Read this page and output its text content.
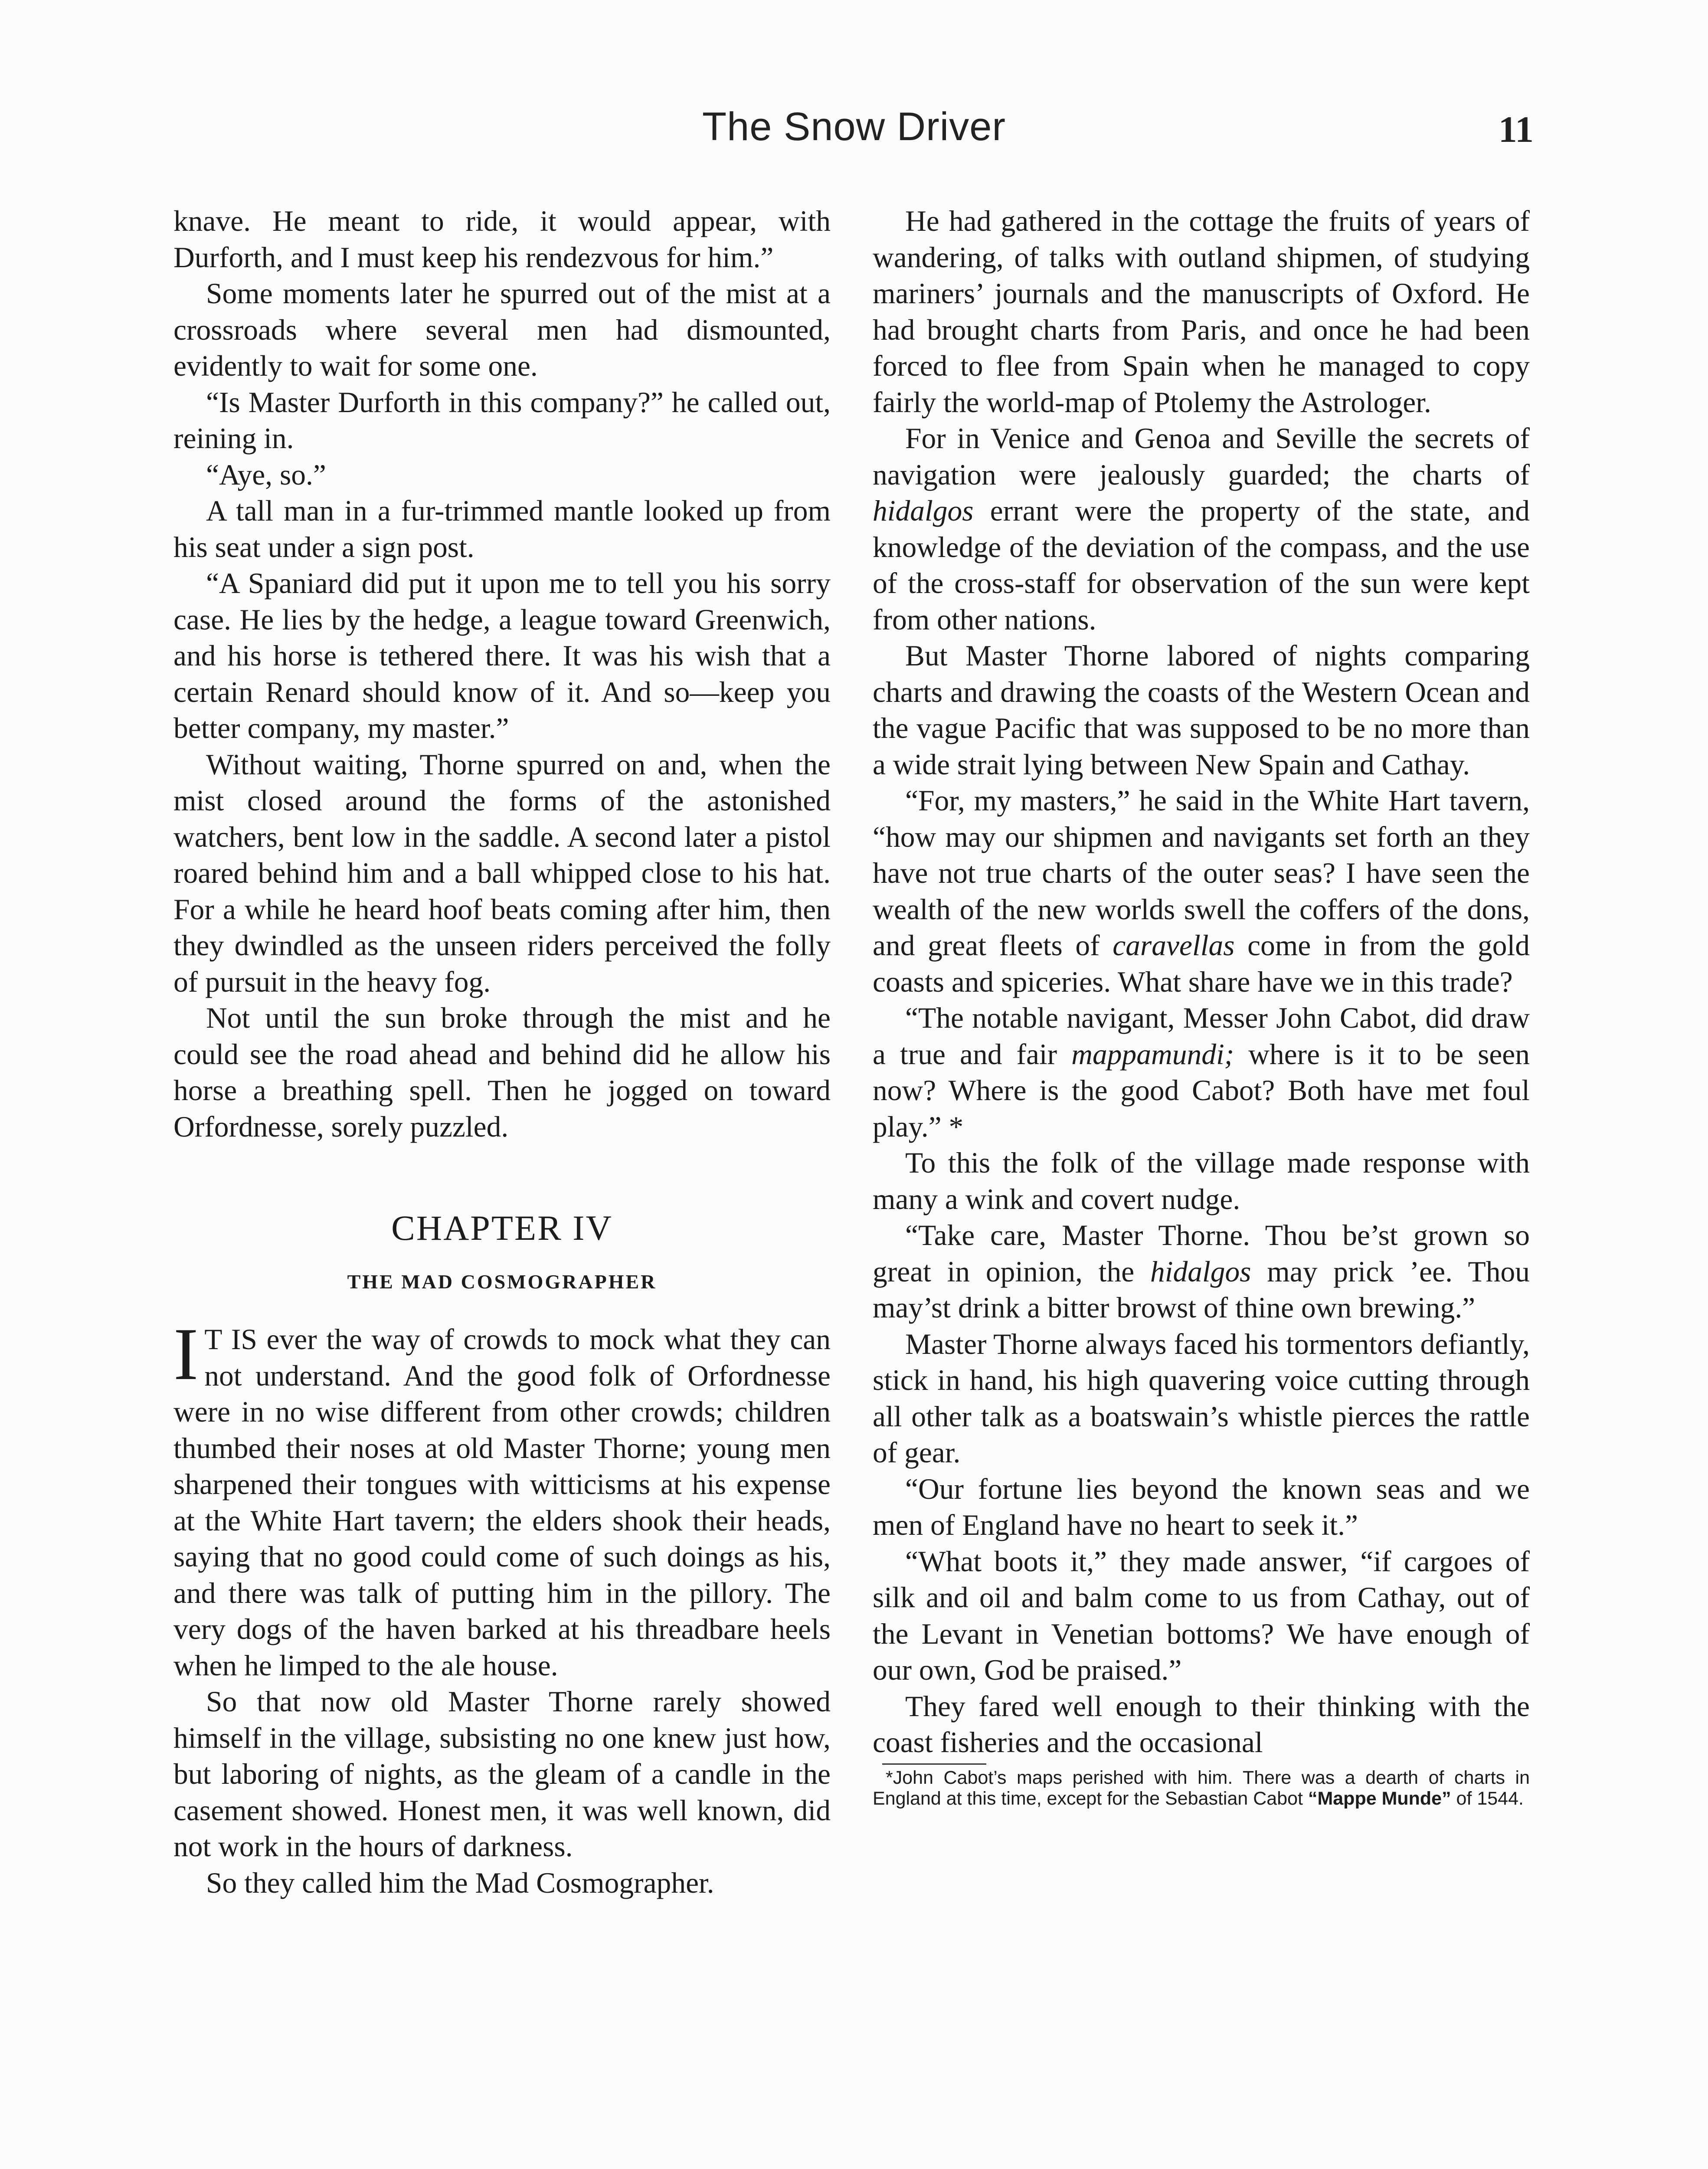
The Snow Driver	11

knave. He meant to ride, it would appear, with Durforth, and I must keep his rendezvous for him.”

Some moments later he spurred out of the mist at a crossroads where several men had dismounted, evidently to wait for some one.

“Is Master Durforth in this company?” he called out, reining in.

“Aye, so.”

A tall man in a fur-trimmed mantle looked up from his seat under a sign post.

“A Spaniard did put it upon me to tell you his sorry case. He lies by the hedge, a league toward Greenwich, and his horse is tethered there. It was his wish that a certain Renard should know of it. And so—keep you better company, my master.”

Without waiting, Thorne spurred on and, when the mist closed around the forms of the astonished watchers, bent low in the saddle. A second later a pistol roared behind him and a ball whipped close to his hat. For a while he heard hoof beats coming after him, then they dwindled as the unseen riders perceived the folly of pursuit in the heavy fog.

Not until the sun broke through the mist and he could see the road ahead and behind did he allow his horse a breathing spell. Then he jogged on toward Orfordnesse, sorely puzzled.

CHAPTER IV
THE MAD COSMOGRAPHER

I T IS ever the way of crowds to mock what they can not understand. And the good folk of Orfordnesse were in no wise different from other crowds; children thumbed their noses at old Master Thorne; young men sharpened their tongues with witticisms at his expense at the White Hart tavern; the elders shook their heads, saying that no good could come of such doings as his, and there was talk of putting him in the pillory. The very dogs of the haven barked at his threadbare heels when he limped to the ale house.

So that now old Master Thorne rarely showed himself in the village, subsisting no one knew just how, but laboring of nights, as the gleam of a candle in the casement showed. Honest men, it was well known, did not work in the hours of darkness.

So they called him the Mad Cosmographer.

He had gathered in the cottage the fruits of years of wandering, of talks with outland shipmen, of studying mariners’ journals and the manuscripts of Oxford. He had brought charts from Paris, and once he had been forced to flee from Spain when he managed to copy fairly the world-map of Ptolemy the Astrologer.

For in Venice and Genoa and Seville the secrets of navigation were jealously guarded; the charts of hidalgos errant were the property of the state, and knowledge of the deviation of the compass, and the use of the cross-staff for observation of the sun were kept from other nations.

But Master Thorne labored of nights comparing charts and drawing the coasts of the Western Ocean and the vague Pacific that was supposed to be no more than a wide strait lying between New Spain and Cathay.

“For, my masters,” he said in the White Hart tavern, “how may our shipmen and navigants set forth an they have not true charts of the outer seas? I have seen the wealth of the new worlds swell the coffers of the dons, and great fleets of caravellas come in from the gold coasts and spiceries. What share have we in this trade?

“The notable navigant, Messer John Cabot, did draw a true and fair mappamundi; where is it to be seen now? Where is the good Cabot? Both have met foul play.” *

To this the folk of the village made response with many a wink and covert nudge.

“Take care, Master Thorne. Thou be’st grown so great in opinion, the hidalgos may prick ’ee. Thou may’st drink a bitter browst of thine own brewing.”

Master Thorne always faced his tormentors defiantly, stick in hand, his high quavering voice cutting through all other talk as a boatswain’s whistle pierces the rattle of gear.

“Our fortune lies beyond the known seas and we men of England have no heart to seek it.”

“What boots it,” they made answer, “if cargoes of silk and oil and balm come to us from Cathay, out of the Levant in Venetian bottoms? We have enough of our own, God be praised.”

They fared well enough to their thinking with the coast fisheries and the occasional

*John Cabot’s maps perished with him. There was a dearth of charts in England at this time, except for the Sebastian Cabot “Mappe Munde” of 1544.
